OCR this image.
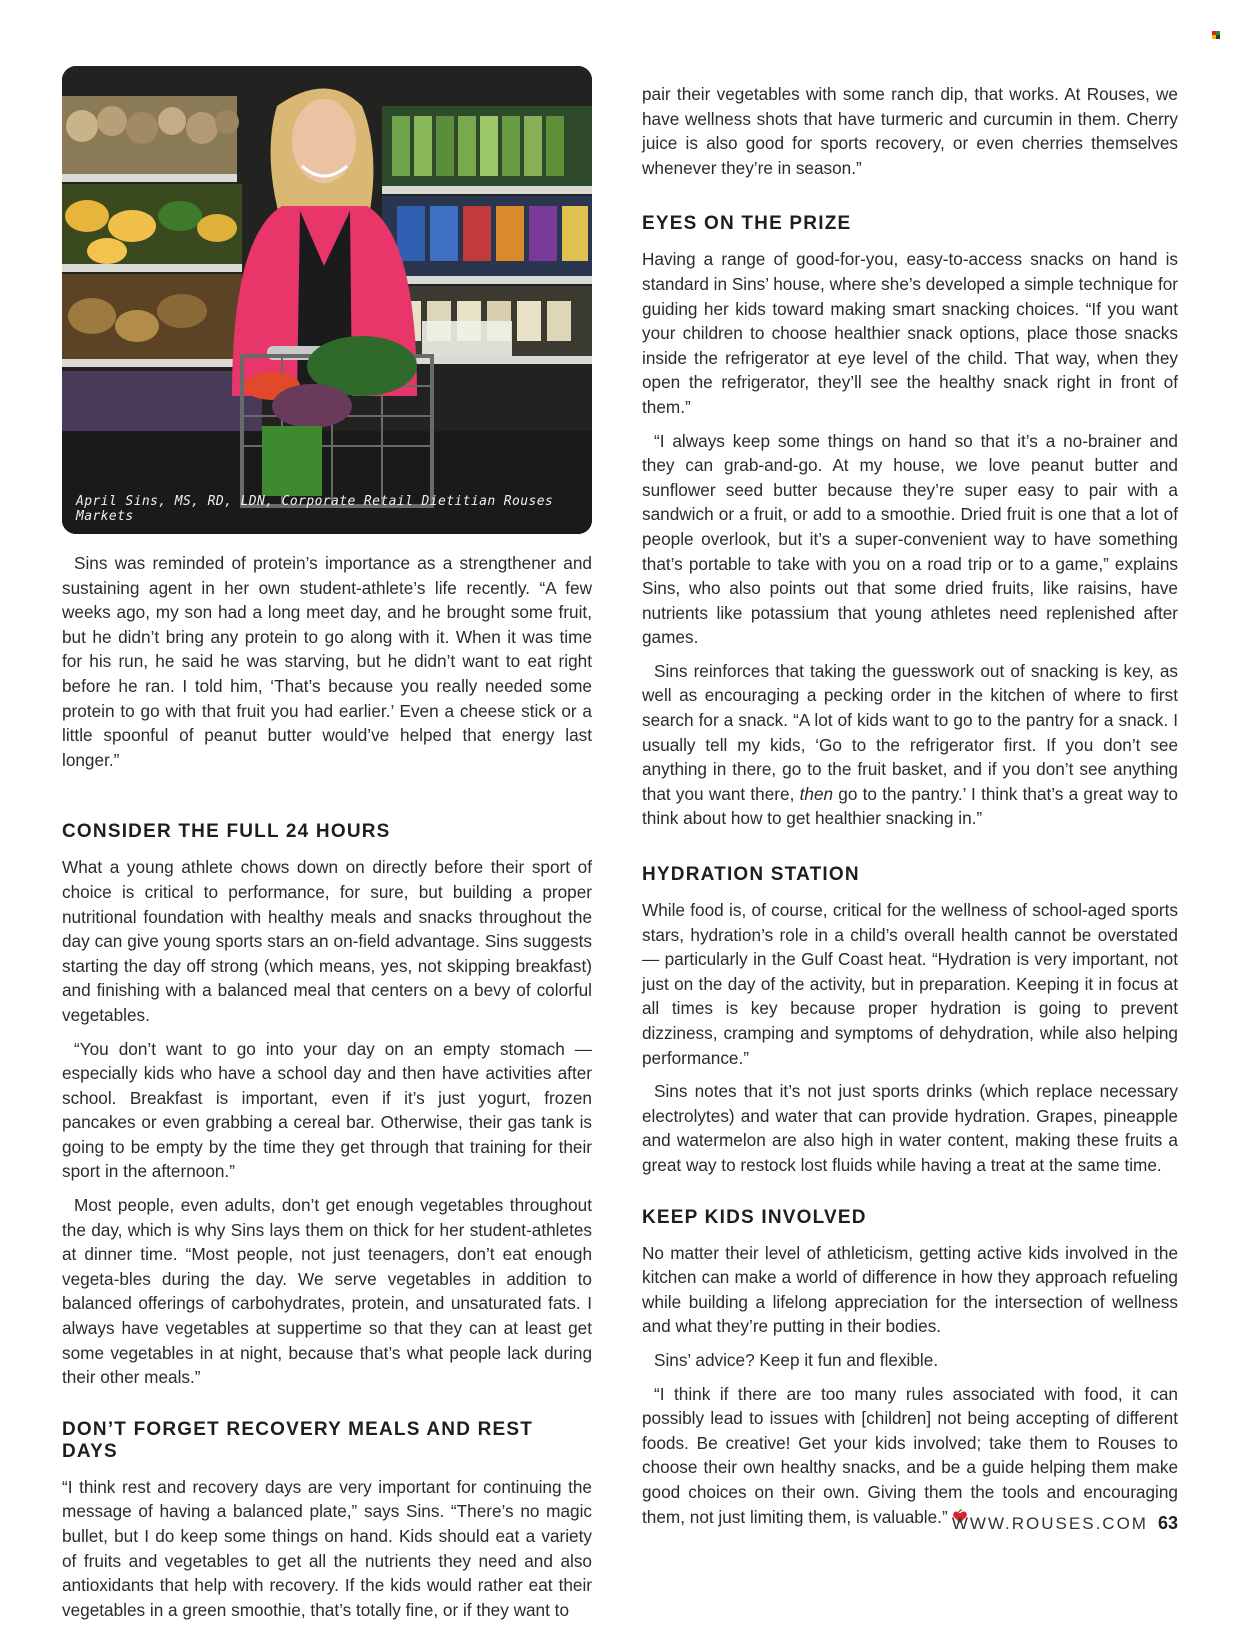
April Sins, MS, RD, LDN, Corporate Retail Dietitian Rouses Markets

Sins was reminded of protein’s importance as a strengthener and sustaining agent in her own student-athlete’s life recently. “A few weeks ago, my son had a long meet day, and he brought some fruit, but he didn’t bring any protein to go along with it. When it was time for his run, he said he was starving, but he didn’t want to eat right before he ran. I told him, ‘That’s because you really needed some protein to go with that fruit you had earlier.’ Even a cheese stick or a little spoonful of peanut butter would’ve helped that energy last longer.”

CONSIDER THE FULL 24 HOURS

What a young athlete chows down on directly before their sport of choice is critical to performance, for sure, but building a proper nutritional foundation with healthy meals and snacks throughout the day can give young sports stars an on-field advantage. Sins suggests starting the day off strong (which means, yes, not skipping breakfast) and finishing with a balanced meal that centers on a bevy of colorful vegetables.

“You don’t want to go into your day on an empty stomach — especially kids who have a school day and then have activities after school. Breakfast is important, even if it’s just yogurt, frozen pancakes or even grabbing a cereal bar. Otherwise, their gas tank is going to be empty by the time they get through that training for their sport in the afternoon.”

Most people, even adults, don’t get enough vegetables throughout the day, which is why Sins lays them on thick for her student-athletes at dinner time. “Most people, not just teenagers, don’t eat enough vegeta-bles during the day. We serve vegetables in addition to balanced offerings of carbohydrates, protein, and unsaturated fats. I always have vegetables at suppertime so that they can at least get some vegetables in at night, because that’s what people lack during their other meals.”

DON’T FORGET RECOVERY MEALS AND REST DAYS

“I think rest and recovery days are very important for continuing the message of having a balanced plate,” says Sins. “There’s no magic bullet, but I do keep some things on hand. Kids should eat a variety of fruits and vegetables to get all the nutrients they need and also antioxidants that help with recovery. If the kids would rather eat their vegetables in a green smoothie, that’s totally fine, or if they want to

pair their vegetables with some ranch dip, that works. At Rouses, we have wellness shots that have turmeric and curcumin in them. Cherry juice is also good for sports recovery, or even cherries themselves whenever they’re in season.”

EYES ON THE PRIZE

Having a range of good-for-you, easy-to-access snacks on hand is standard in Sins’ house, where she’s developed a simple technique for guiding her kids toward making smart snacking choices. “If you want your children to choose healthier snack options, place those snacks inside the refrigerator at eye level of the child. That way, when they open the refrigerator, they’ll see the healthy snack right in front of them.”

“I always keep some things on hand so that it’s a no-brainer and they can grab-and-go. At my house, we love peanut butter and sunflower seed butter because they’re super easy to pair with a sandwich or a fruit, or add to a smoothie. Dried fruit is one that a lot of people overlook, but it’s a super-convenient way to have something that’s portable to take with you on a road trip or to a game,” explains Sins, who also points out that some dried fruits, like raisins, have nutrients like potassium that young athletes need replenished after games.

Sins reinforces that taking the guesswork out of snacking is key, as well as encouraging a pecking order in the kitchen of where to first search for a snack. “A lot of kids want to go to the pantry for a snack. I usually tell my kids, ‘Go to the refrigerator first. If you don’t see anything in there, go to the fruit basket, and if you don’t see anything that you want there, then go to the pantry.’ I think that’s a great way to think about how to get healthier snacking in.”

HYDRATION STATION

While food is, of course, critical for the wellness of school-aged sports stars, hydration’s role in a child’s overall health cannot be overstated — particularly in the Gulf Coast heat. “Hydration is very important, not just on the day of the activity, but in preparation. Keeping it in focus at all times is key because proper hydration is going to prevent dizziness, cramping and symptoms of dehydration, while also helping performance.”

Sins notes that it’s not just sports drinks (which replace necessary electrolytes) and water that can provide hydration. Grapes, pineapple and watermelon are also high in water content, making these fruits a great way to restock lost fluids while having a treat at the same time.

KEEP KIDS INVOLVED

No matter their level of athleticism, getting active kids involved in the kitchen can make a world of difference in how they approach refueling while building a lifelong appreciation for the intersection of wellness and what they’re putting in their bodies.

Sins’ advice? Keep it fun and flexible.

“I think if there are too many rules associated with food, it can possibly lead to issues with [children] not being accepting of different foods. Be creative! Get your kids involved; take them to Rouses to choose their own healthy snacks, and be a guide helping them make good choices on their own. Giving them the tools and encouraging them, not just limiting them, is valuable.” WWW.ROUSES.COM 63
